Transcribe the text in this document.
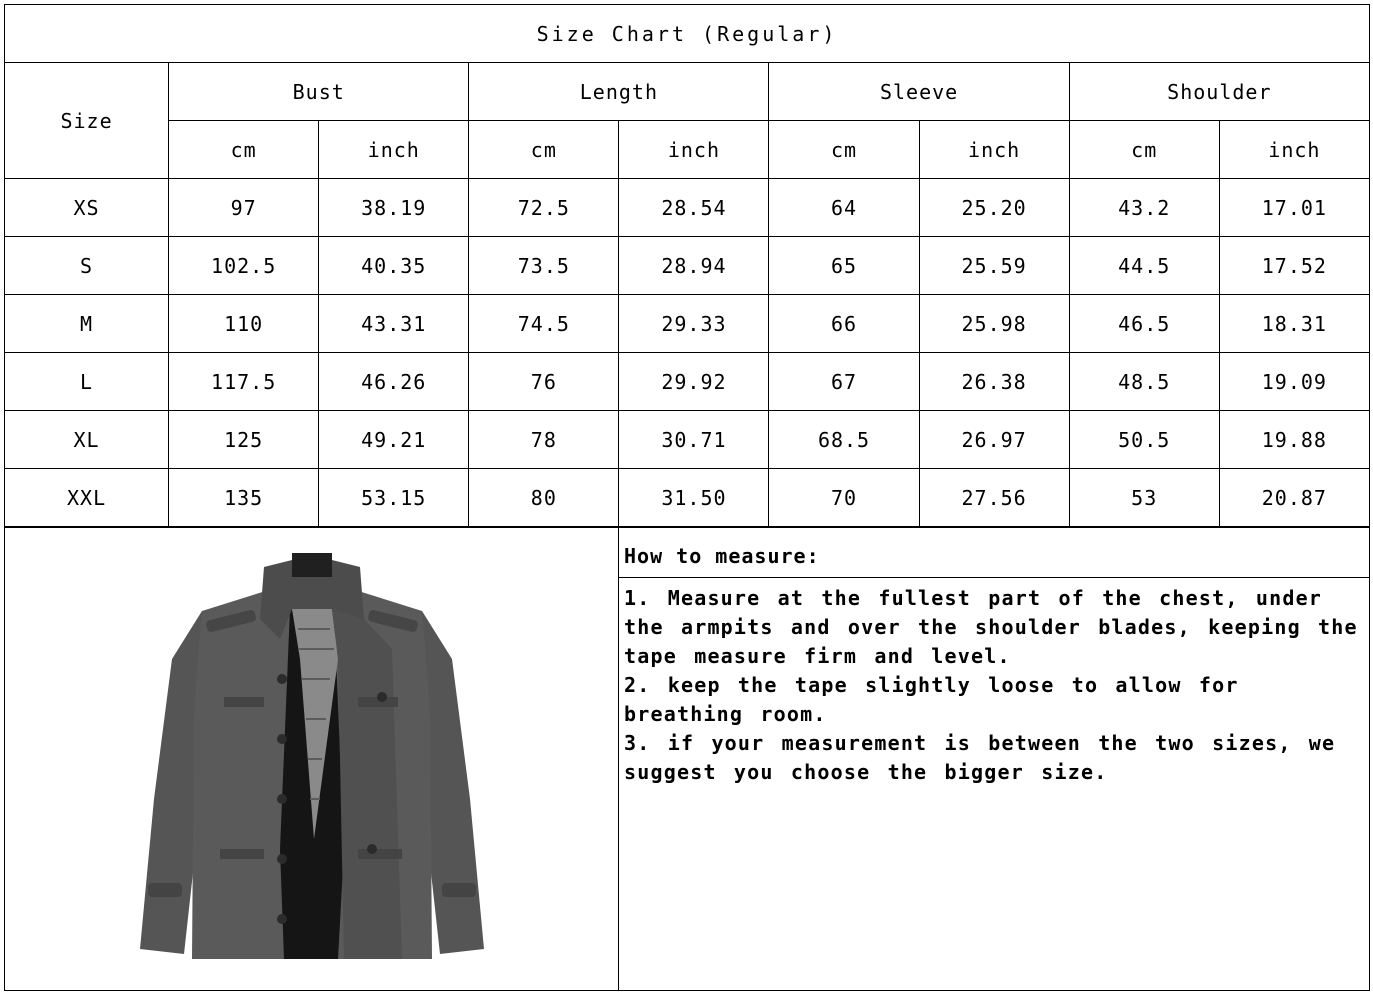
Size Chart (Regular)								
Size	Bust		Length		Sleeve		Shoulder	
	cm	inch	cm	inch	cm	inch	cm	inch
XS	97	38.19	72.5	28.54	64	25.20	43.2	17.01
S	102.5	40.35	73.5	28.94	65	25.59	44.5	17.52
M	110	43.31	74.5	29.33	66	25.98	46.5	18.31
L	117.5	46.26	76	29.92	67	26.38	48.5	19.09
XL	125	49.21	78	30.71	68.5	26.97	50.5	19.88
XXL	135	53.15	80	31.50	70	27.56	53	20.87
How to measure:

1. Measure at the fullest part of the chest, under the armpits and over the shoulder blades, keeping the tape measure firm and level.

2. keep the tape slightly loose to allow for breathing room.

3. if your measurement is between the two sizes, we suggest you choose the bigger size.
